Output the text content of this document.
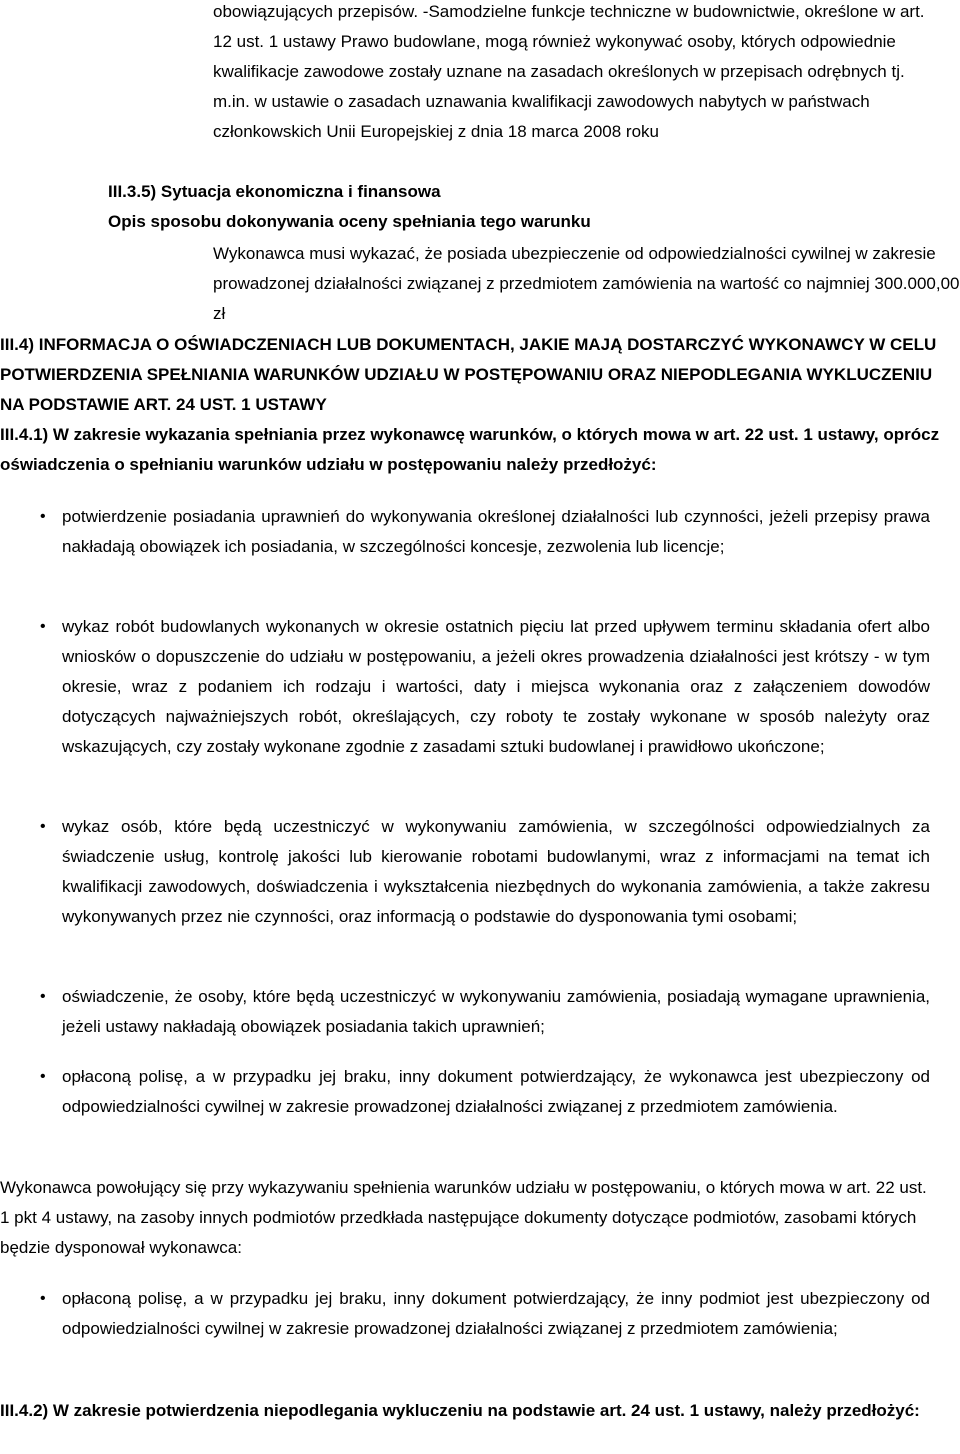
obowiązujących przepisów. -Samodzielne funkcje techniczne w budownictwie, określone w art. 12 ust. 1 ustawy Prawo budowlane, mogą również wykonywać osoby, których odpowiednie kwalifikacje zawodowe zostały uznane na zasadach określonych w przepisach odrębnych tj. m.in. w ustawie o zasadach uznawania kwalifikacji zawodowych nabytych w państwach członkowskich Unii Europejskiej z dnia 18 marca 2008 roku

III.3.5) Sytuacja ekonomiczna i finansowa

Opis sposobu dokonywania oceny spełniania tego warunku

Wykonawca musi wykazać, że posiada ubezpieczenie od odpowiedzialności cywilnej w zakresie prowadzonej działalności związanej z przedmiotem zamówienia na wartość co najmniej 300.000,00 zł

III.4) INFORMACJA O OŚWIADCZENIACH LUB DOKUMENTACH, JAKIE MAJĄ DOSTARCZYĆ WYKONAWCY W CELU POTWIERDZENIA SPEŁNIANIA WARUNKÓW UDZIAŁU W POSTĘPOWANIU ORAZ NIEPODLEGANIA WYKLUCZENIU NA PODSTAWIE ART. 24 UST. 1 USTAWY

III.4.1) W zakresie wykazania spełniania przez wykonawcę warunków, o których mowa w art. 22 ust. 1 ustawy, oprócz oświadczenia o spełnianiu warunków udziału w postępowaniu należy przedłożyć:

• potwierdzenie posiadania uprawnień do wykonywania określonej działalności lub czynności, jeżeli przepisy prawa nakładają obowiązek ich posiadania, w szczególności koncesje, zezwolenia lub licencje;

• wykaz robót budowlanych wykonanych w okresie ostatnich pięciu lat przed upływem terminu składania ofert albo wniosków o dopuszczenie do udziału w postępowaniu, a jeżeli okres prowadzenia działalności jest krótszy - w tym okresie, wraz z podaniem ich rodzaju i wartości, daty i miejsca wykonania oraz z załączeniem dowodów dotyczących najważniejszych robót, określających, czy roboty te zostały wykonane w sposób należyty oraz wskazujących, czy zostały wykonane zgodnie z zasadami sztuki budowlanej i prawidłowo ukończone;

• wykaz osób, które będą uczestniczyć w wykonywaniu zamówienia, w szczególności odpowiedzialnych za świadczenie usług, kontrolę jakości lub kierowanie robotami budowlanymi, wraz z informacjami na temat ich kwalifikacji zawodowych, doświadczenia i wykształcenia niezbędnych do wykonania zamówienia, a także zakresu wykonywanych przez nie czynności, oraz informacją o podstawie do dysponowania tymi osobami;

• oświadczenie, że osoby, które będą uczestniczyć w wykonywaniu zamówienia, posiadają wymagane uprawnienia, jeżeli ustawy nakładają obowiązek posiadania takich uprawnień;

• opłaconą polisę, a w przypadku jej braku, inny dokument potwierdzający, że wykonawca jest ubezpieczony od odpowiedzialności cywilnej w zakresie prowadzonej działalności związanej z przedmiotem zamówienia.

Wykonawca powołujący się przy wykazywaniu spełnienia warunków udziału w postępowaniu, o których mowa w art. 22 ust. 1 pkt 4 ustawy, na zasoby innych podmiotów przedkłada następujące dokumenty dotyczące podmiotów, zasobami których będzie dysponował wykonawca:

• opłaconą polisę, a w przypadku jej braku, inny dokument potwierdzający, że inny podmiot jest ubezpieczony od odpowiedzialności cywilnej w zakresie prowadzonej działalności związanej z przedmiotem zamówienia;

III.4.2) W zakresie potwierdzenia niepodlegania wykluczeniu na podstawie art. 24 ust. 1 ustawy, należy przedłożyć:
